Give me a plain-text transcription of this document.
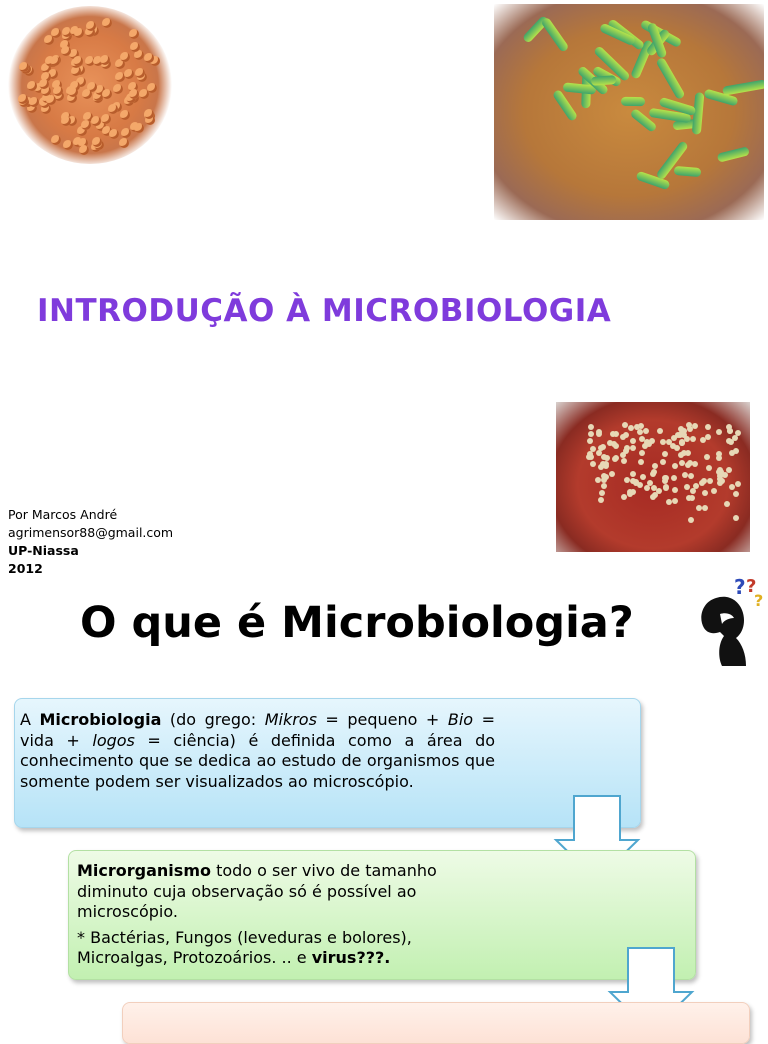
INTRODUÇÃO À MICROBIOLOGIA
Por Marcos André
agrimensor88@gmail.com
UP-Niassa
2012
O que é Microbiologia?
? ?
?
A Microbiologia (do grego: Mikros = pequeno + Bio = vida + logos = ciência) é definida como a área do conhecimento que se dedica ao estudo de organismos que somente podem ser visualizados ao microscópio.
Microrganismo todo o ser vivo de tamanho diminuto cuja observação só é possível ao microscópio.
* Bactérias, Fungos (leveduras e bolores), Microalgas, Protozoários. .. e virus???.
